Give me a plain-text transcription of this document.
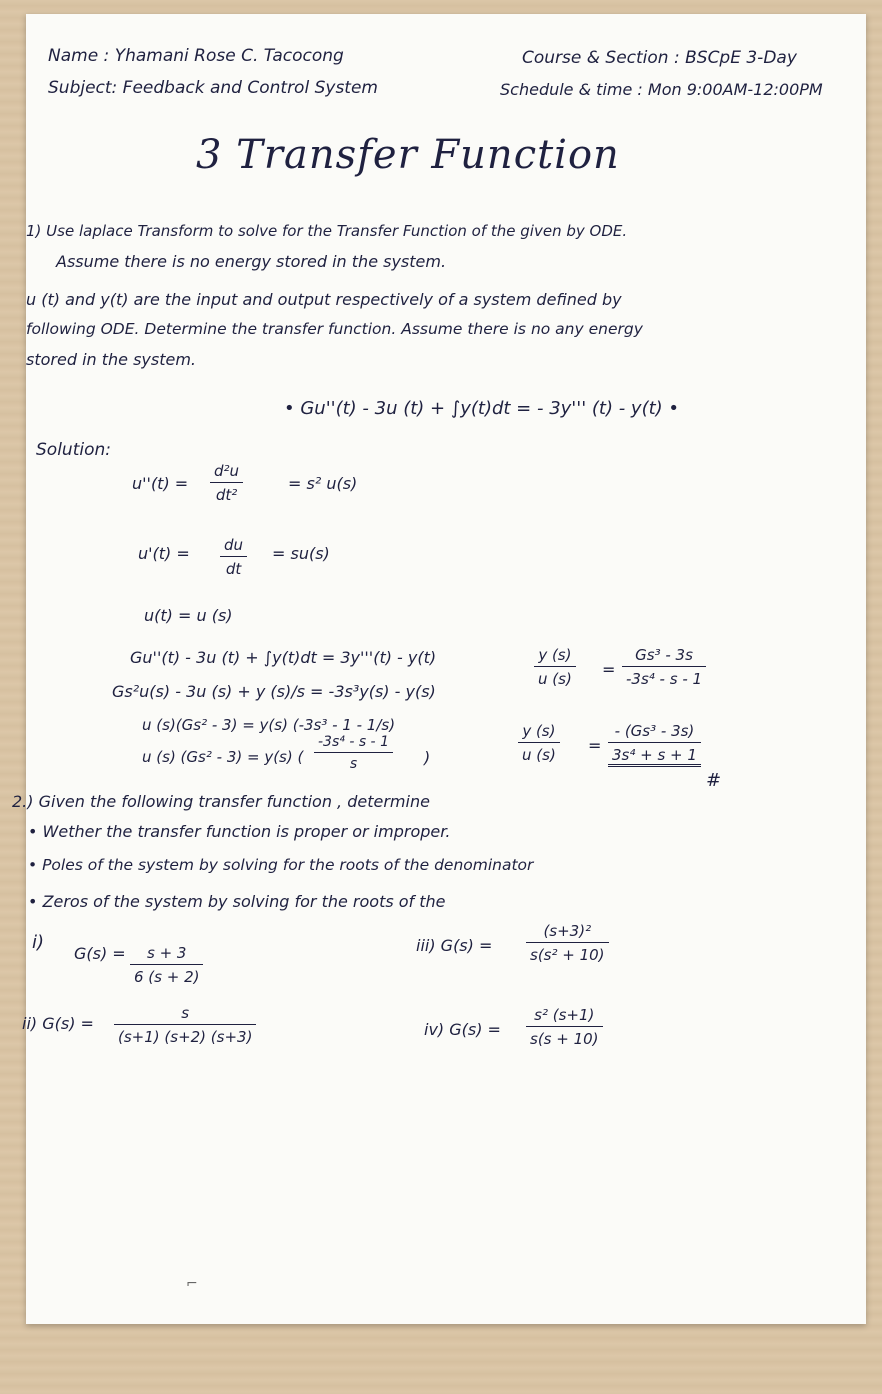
Name : Yhamani Rose C. Tacocong
Subject: Feedback and Control System
Course & Section : BSCpE 3-Day
Schedule & time : Mon 9:00AM-12:00PM
3 Transfer Function
1) Use laplace Transform to solve for the Transfer Function of the given by ODE.
Assume there is no energy stored in the system.
u (t) and y(t) are the input and output respectively of a system defined by
following ODE. Determine the transfer function. Assume there is no any energy
stored in the system.
• Gu''(t) - 3u (t) + ∫y(t)dt = - 3y''' (t) - y(t) •
Solution:
$u''(t) = \frac{\text{d²u}}{\text{dt²}}$	= s² u(s)
$u'(t) = \frac{du}{dt} = su(s)$
u(t) = u (s)
Gu''(t) - 3u (t) + ∫y(t)dt = 3y'''(t) - y(t)
Gs²u(s) - 3u (s) + y (s)/s = -3s³y(s) - y(s)
u (s)(Gs² - 3) = y(s) (-3s³ - 1 - 1/s)
u (s) (Gs² - 3) = y(s) ( $\frac{\text{-3s⁴ - s - 1}}{s}$ )
$\frac{y (s)}{u (s)} = \frac{\text{Gs³ - 3s}}{\text{-3s⁴ - s - 1}}$
$\frac{y (s)}{u (s)} = \frac{\text{- (Gs³ - 3s)}}{\text{3s⁴ + s + 1}}$
#
2.) Given the following transfer function , determine
• Wether the transfer function is proper or improper.
• Poles of the system by solving for the roots of the denominator
• Zeros of the system by solving for the roots of the
i)
$G(s) = \frac{s + 3}{6 (s + 2)}$
ii) $G(s) = \frac{s}{(s+1) (s+2) (s+3)}$
iii) $G(s) = \frac{\text{(s+3)²}}{\text{s(s² + 10)}}$
iv) $G(s) = \frac{\text{s² (s+1)}}{s(s + 10)}$
⌐
